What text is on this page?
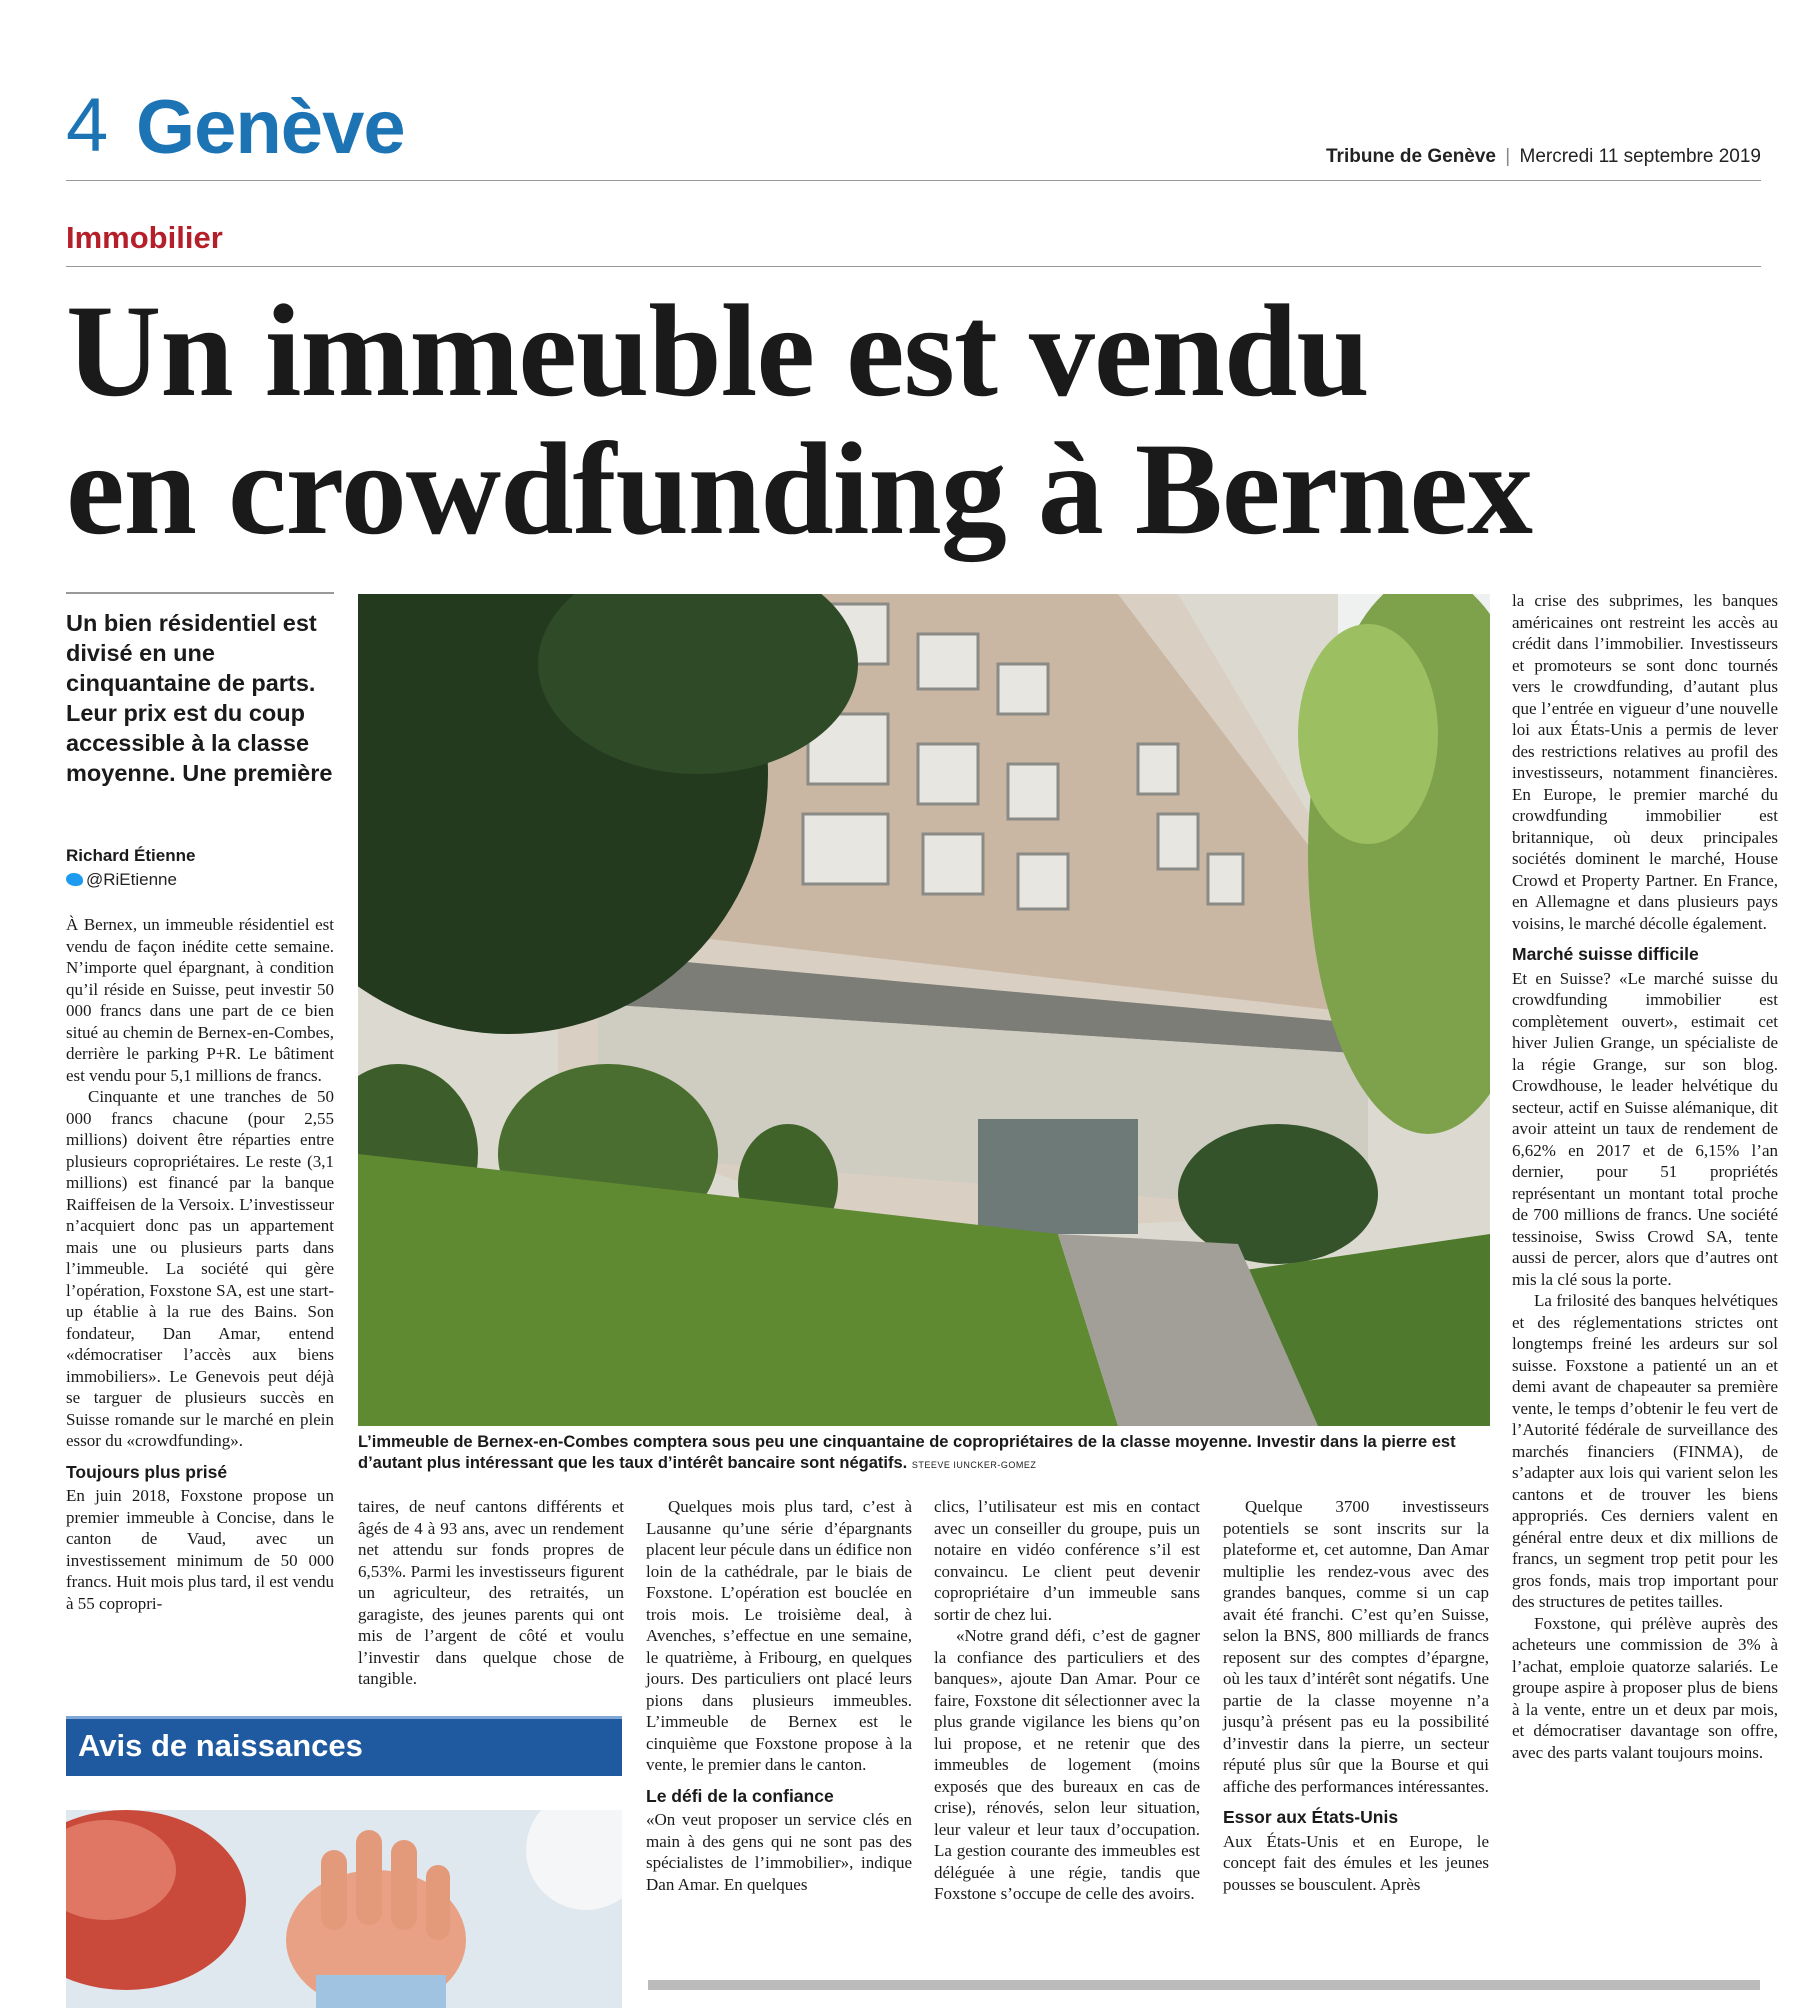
4 Genève	Tribune de Genève | Mercredi 11 septembre 2019
Immobilier
Un immeuble est vendu
en crowdfunding à Bernex
Un bien résidentiel est divisé en une cinquantaine de parts. Leur prix est du coup accessible à la classe moyenne. Une première
Richard Étienne
@RiEtienne

À Bernex, un immeuble résidentiel est vendu de façon inédite cette semaine. N’importe quel épargnant, à condition qu’il réside en Suisse, peut investir 50 000 francs dans une part de ce bien situé au chemin de Bernex-en-Combes, derrière le parking P+R. Le bâtiment est vendu pour 5,1 millions de francs.

Cinquante et une tranches de 50 000 francs chacune (pour 2,55 millions) doivent être réparties entre plusieurs copropriétaires. Le reste (3,1 millions) est financé par la banque Raiffeisen de la Versoix. L’investisseur n’acquiert donc pas un appartement mais une ou plusieurs parts dans l’immeuble. La société qui gère l’opération, Foxstone SA, est une start-up établie à la rue des Bains. Son fondateur, Dan Amar, entend «démocratiser l’accès aux biens immobiliers». Le Genevois peut déjà se targuer de plusieurs succès en Suisse romande sur le marché en plein essor du «crowdfunding».

Toujours plus prisé

En juin 2018, Foxstone propose un premier immeuble à Concise, dans le canton de Vaud, avec un investissement minimum de 50 000 francs. Huit mois plus tard, il est vendu à 55 copropri-

L’immeuble de Bernex-en-Combes comptera sous peu une cinquantaine de copropriétaires de la classe moyenne. Investir dans la pierre est d’autant plus intéressant que les taux d’intérêt bancaire sont négatifs. STEEVE IUNCKER-GOMEZ

taires, de neuf cantons différents et âgés de 4 à 93 ans, avec un rendement net attendu sur fonds propres de 6,53%. Parmi les investisseurs figurent un agriculteur, des retraités, un garagiste, des jeunes parents qui ont mis de l’argent de côté et voulu l’investir dans quelque chose de tangible.

Quelques mois plus tard, c’est à Lausanne qu’une série d’épargnants placent leur pécule dans un édifice non loin de la cathédrale, par le biais de Foxstone. L’opération est bouclée en trois mois. Le troisième deal, à Avenches, s’effectue en une semaine, le quatrième, à Fribourg, en quelques jours. Des particuliers ont placé leurs pions dans plusieurs immeubles. L’immeuble de Bernex est le cinquième que Foxstone propose à la vente, le premier dans le canton.

Le défi de la confiance

«On veut proposer un service clés en main à des gens qui ne sont pas des spécialistes de l’immobilier», indique Dan Amar. En quelques

clics, l’utilisateur est mis en contact avec un conseiller du groupe, puis un notaire en vidéo conférence s’il est convaincu. Le client peut devenir copropriétaire d’un immeuble sans sortir de chez lui.

«Notre grand défi, c’est de gagner la confiance des particuliers et des banques», ajoute Dan Amar. Pour ce faire, Foxstone dit sélectionner avec la plus grande vigilance les biens qu’on lui propose, et ne retenir que des immeubles de logement (moins exposés que des bureaux en cas de crise), rénovés, selon leur situation, leur valeur et leur taux d’occupation. La gestion courante des immeubles est déléguée à une régie, tandis que Foxstone s’occupe de celle des avoirs.

Quelque 3700 investisseurs potentiels se sont inscrits sur la plateforme et, cet automne, Dan Amar multiplie les rendez-vous avec des grandes banques, comme si un cap avait été franchi. C’est qu’en Suisse, selon la BNS, 800 milliards de francs reposent sur des comptes d’épargne, où les taux d’intérêt sont négatifs. Une partie de la classe moyenne n’a jusqu’à présent pas eu la possibilité d’investir dans la pierre, un secteur réputé plus sûr que la Bourse et qui affiche des performances intéressantes.

Essor aux États-Unis

Aux États-Unis et en Europe, le concept fait des émules et les jeunes pousses se bousculent. Après

la crise des subprimes, les banques américaines ont restreint les accès au crédit dans l’immobilier. Investisseurs et promoteurs se sont donc tournés vers le crowdfunding, d’autant plus que l’entrée en vigueur d’une nouvelle loi aux États-Unis a permis de lever des restrictions relatives au profil des investisseurs, notamment financières. En Europe, le premier marché du crowdfunding immobilier est britannique, où deux principales sociétés dominent le marché, House Crowd et Property Partner. En France, en Allemagne et dans plusieurs pays voisins, le marché décolle également.

Marché suisse difficile

Et en Suisse? «Le marché suisse du crowdfunding immobilier est complètement ouvert», estimait cet hiver Julien Grange, un spécialiste de la régie Grange, sur son blog. Crowdhouse, le leader helvétique du secteur, actif en Suisse alémanique, dit avoir atteint un taux de rendement de 6,62% en 2017 et de 6,15% l’an dernier, pour 51 propriétés représentant un montant total proche de 700 millions de francs. Une société tessinoise, Swiss Crowd SA, tente aussi de percer, alors que d’autres ont mis la clé sous la porte.

La frilosité des banques helvétiques et des réglementations strictes ont longtemps freiné les ardeurs sur sol suisse. Foxstone a patienté un an et demi avant de chapeauter sa première vente, le temps d’obtenir le feu vert de l’Autorité fédérale de surveillance des marchés financiers (FINMA), de s’adapter aux lois qui varient selon les cantons et de trouver les biens appropriés. Ces derniers valent en général entre deux et dix millions de francs, un segment trop petit pour les gros fonds, mais trop important pour des structures de petites tailles.

Foxstone, qui prélève auprès des acheteurs une commission de 3% à l’achat, emploie quatorze salariés. Le groupe aspire à proposer plus de biens à la vente, entre un et deux par mois, et démocratiser davantage son offre, avec des parts valant toujours moins.

Avis de naissances
